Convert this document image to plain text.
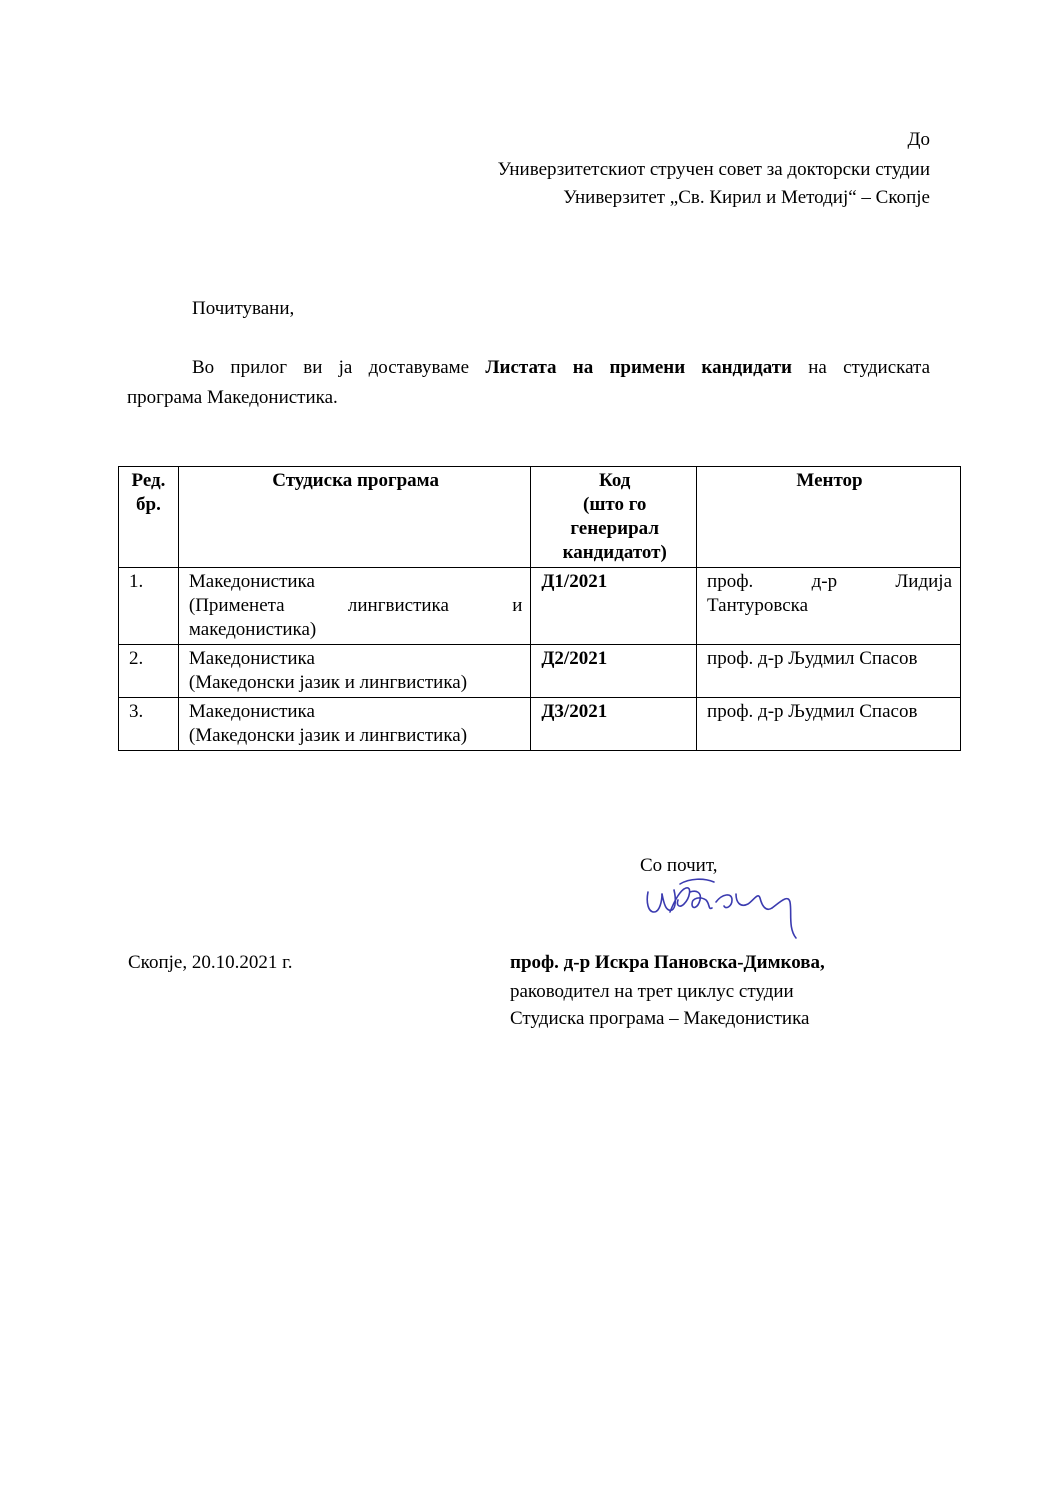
До
Универзитетскиот стручен совет за докторски студии
Универзитет „Св. Кирил и Методиј“ – Скопје
Почитувани,
Во прилог ви ја доставуваме Листата на примени кандидати на студиската
програма Македонистика.
Ред. бр.	Студиска програма	Код
(што го
генерирал
кандидатот)	Ментор
1.	Македонистика
(Применета лингвистика и
македонистика)	Д1/2021	проф. д-р Лидија
Тантуровска

2.	Македонистика
(Македонски јазик и лингвистика)	Д2/2021	проф. д-р Људмил Спасов
3.	Македонистика
(Македонски јазик и лингвистика)	Д3/2021	проф. д-р Људмил Спасов
Со почит,
Скопје, 20.10.2021 г.	проф. д-р Искра Пановска-Димкова,
раководител на трет циклус студии
Студиска програма – Македонистика
